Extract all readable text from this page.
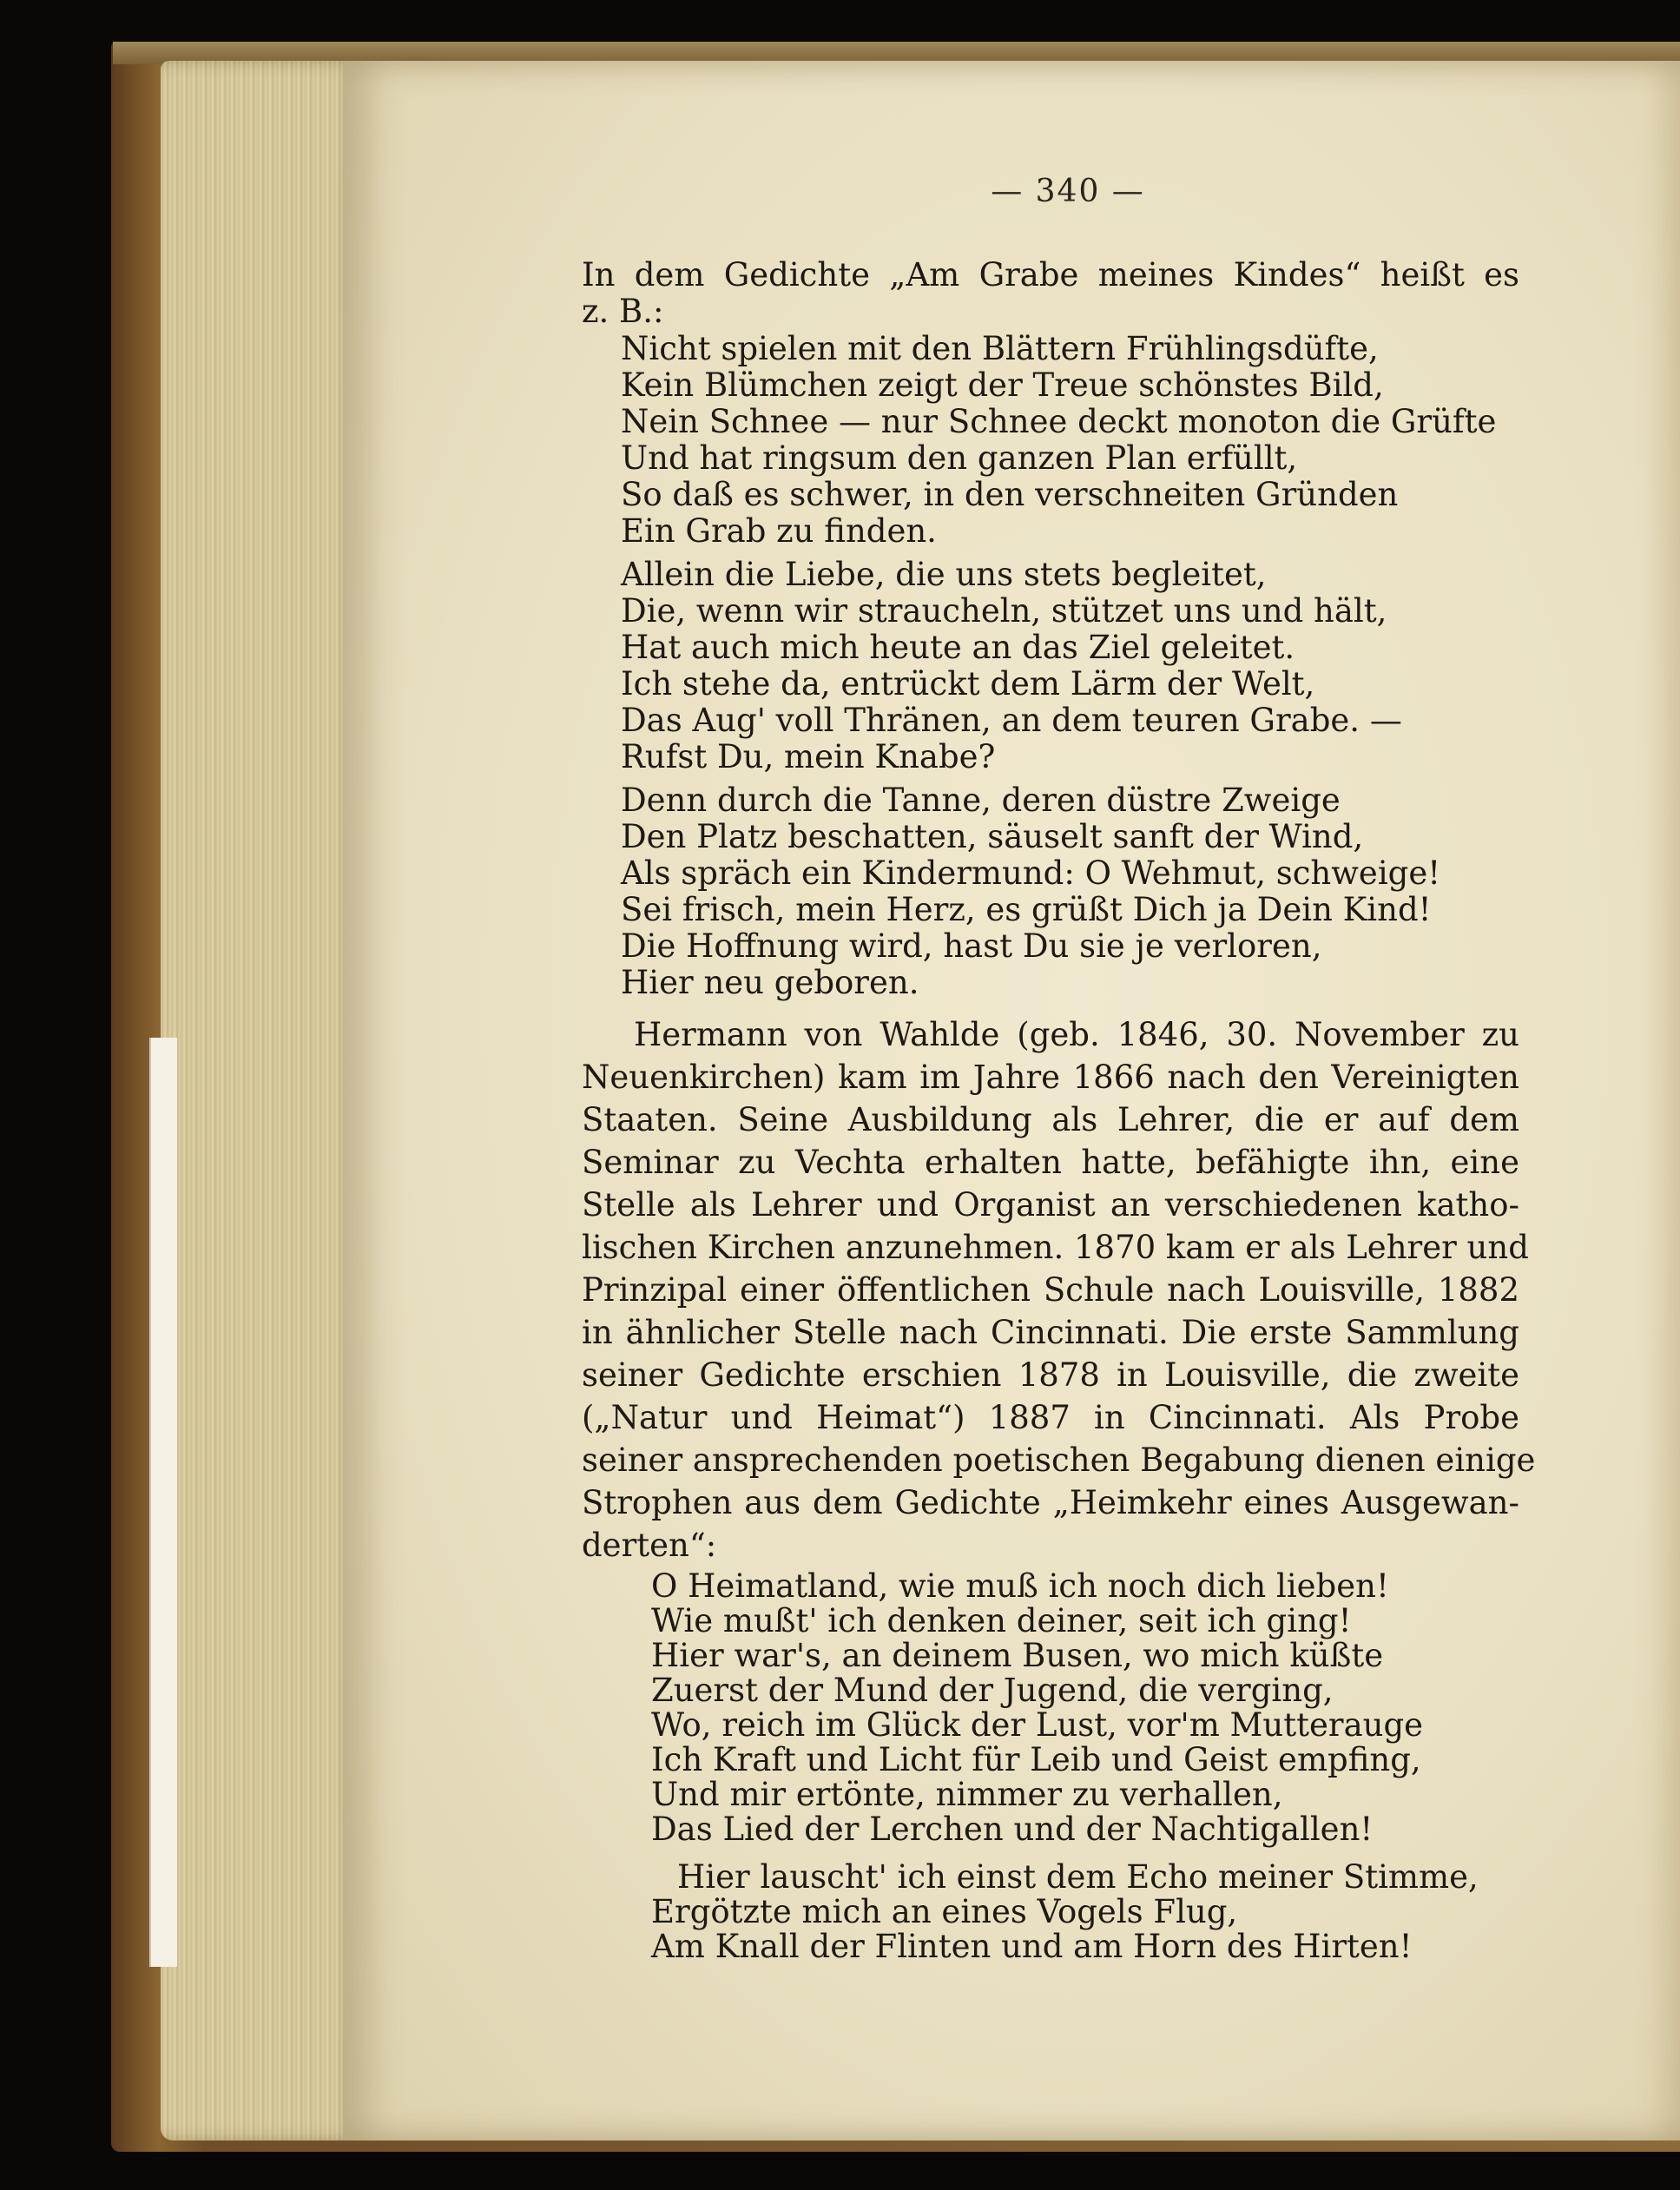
— 340 —
In dem Gedichte „Am Grabe meines Kindes“ heißt es
z. B.:
Nicht spielen mit den Blättern Frühlingsdüfte,
Kein Blümchen zeigt der Treue schönstes Bild,
Nein Schnee — nur Schnee deckt monoton die Grüfte
Und hat ringsum den ganzen Plan erfüllt,
So daß es schwer, in den verschneiten Gründen
Ein Grab zu finden.
Allein die Liebe, die uns stets begleitet,
Die, wenn wir straucheln, stützet uns und hält,
Hat auch mich heute an das Ziel geleitet.
Ich stehe da, entrückt dem Lärm der Welt,
Das Aug' voll Thränen, an dem teuren Grabe. —
Rufst Du, mein Knabe?
Denn durch die Tanne, deren düstre Zweige
Den Platz beschatten, säuselt sanft der Wind,
Als spräch ein Kindermund: O Wehmut, schweige!
Sei frisch, mein Herz, es grüßt Dich ja Dein Kind!
Die Hoffnung wird, hast Du sie je verloren,
Hier neu geboren.
Hermann von Wahlde (geb. 1846, 30. November zu
Neuenkirchen) kam im Jahre 1866 nach den Vereinigten
Staaten. Seine Ausbildung als Lehrer, die er auf dem
Seminar zu Vechta erhalten hatte, befähigte ihn, eine
Stelle als Lehrer und Organist an verschiedenen katho-
lischen Kirchen anzunehmen. 1870 kam er als Lehrer und
Prinzipal einer öffentlichen Schule nach Louisville, 1882
in ähnlicher Stelle nach Cincinnati. Die erste Sammlung
seiner Gedichte erschien 1878 in Louisville, die zweite
(„Natur und Heimat“) 1887 in Cincinnati. Als Probe
seiner ansprechenden poetischen Begabung dienen einige
Strophen aus dem Gedichte „Heimkehr eines Ausgewan-
derten“:
O Heimatland, wie muß ich noch dich lieben!
Wie mußt' ich denken deiner, seit ich ging!
Hier war's, an deinem Busen, wo mich küßte
Zuerst der Mund der Jugend, die verging,
Wo, reich im Glück der Lust, vor'm Mutterauge
Ich Kraft und Licht für Leib und Geist empfing,
Und mir ertönte, nimmer zu verhallen,
Das Lied der Lerchen und der Nachtigallen!
Hier lauscht' ich einst dem Echo meiner Stimme,
Ergötzte mich an eines Vogels Flug,
Am Knall der Flinten und am Horn des Hirten!
